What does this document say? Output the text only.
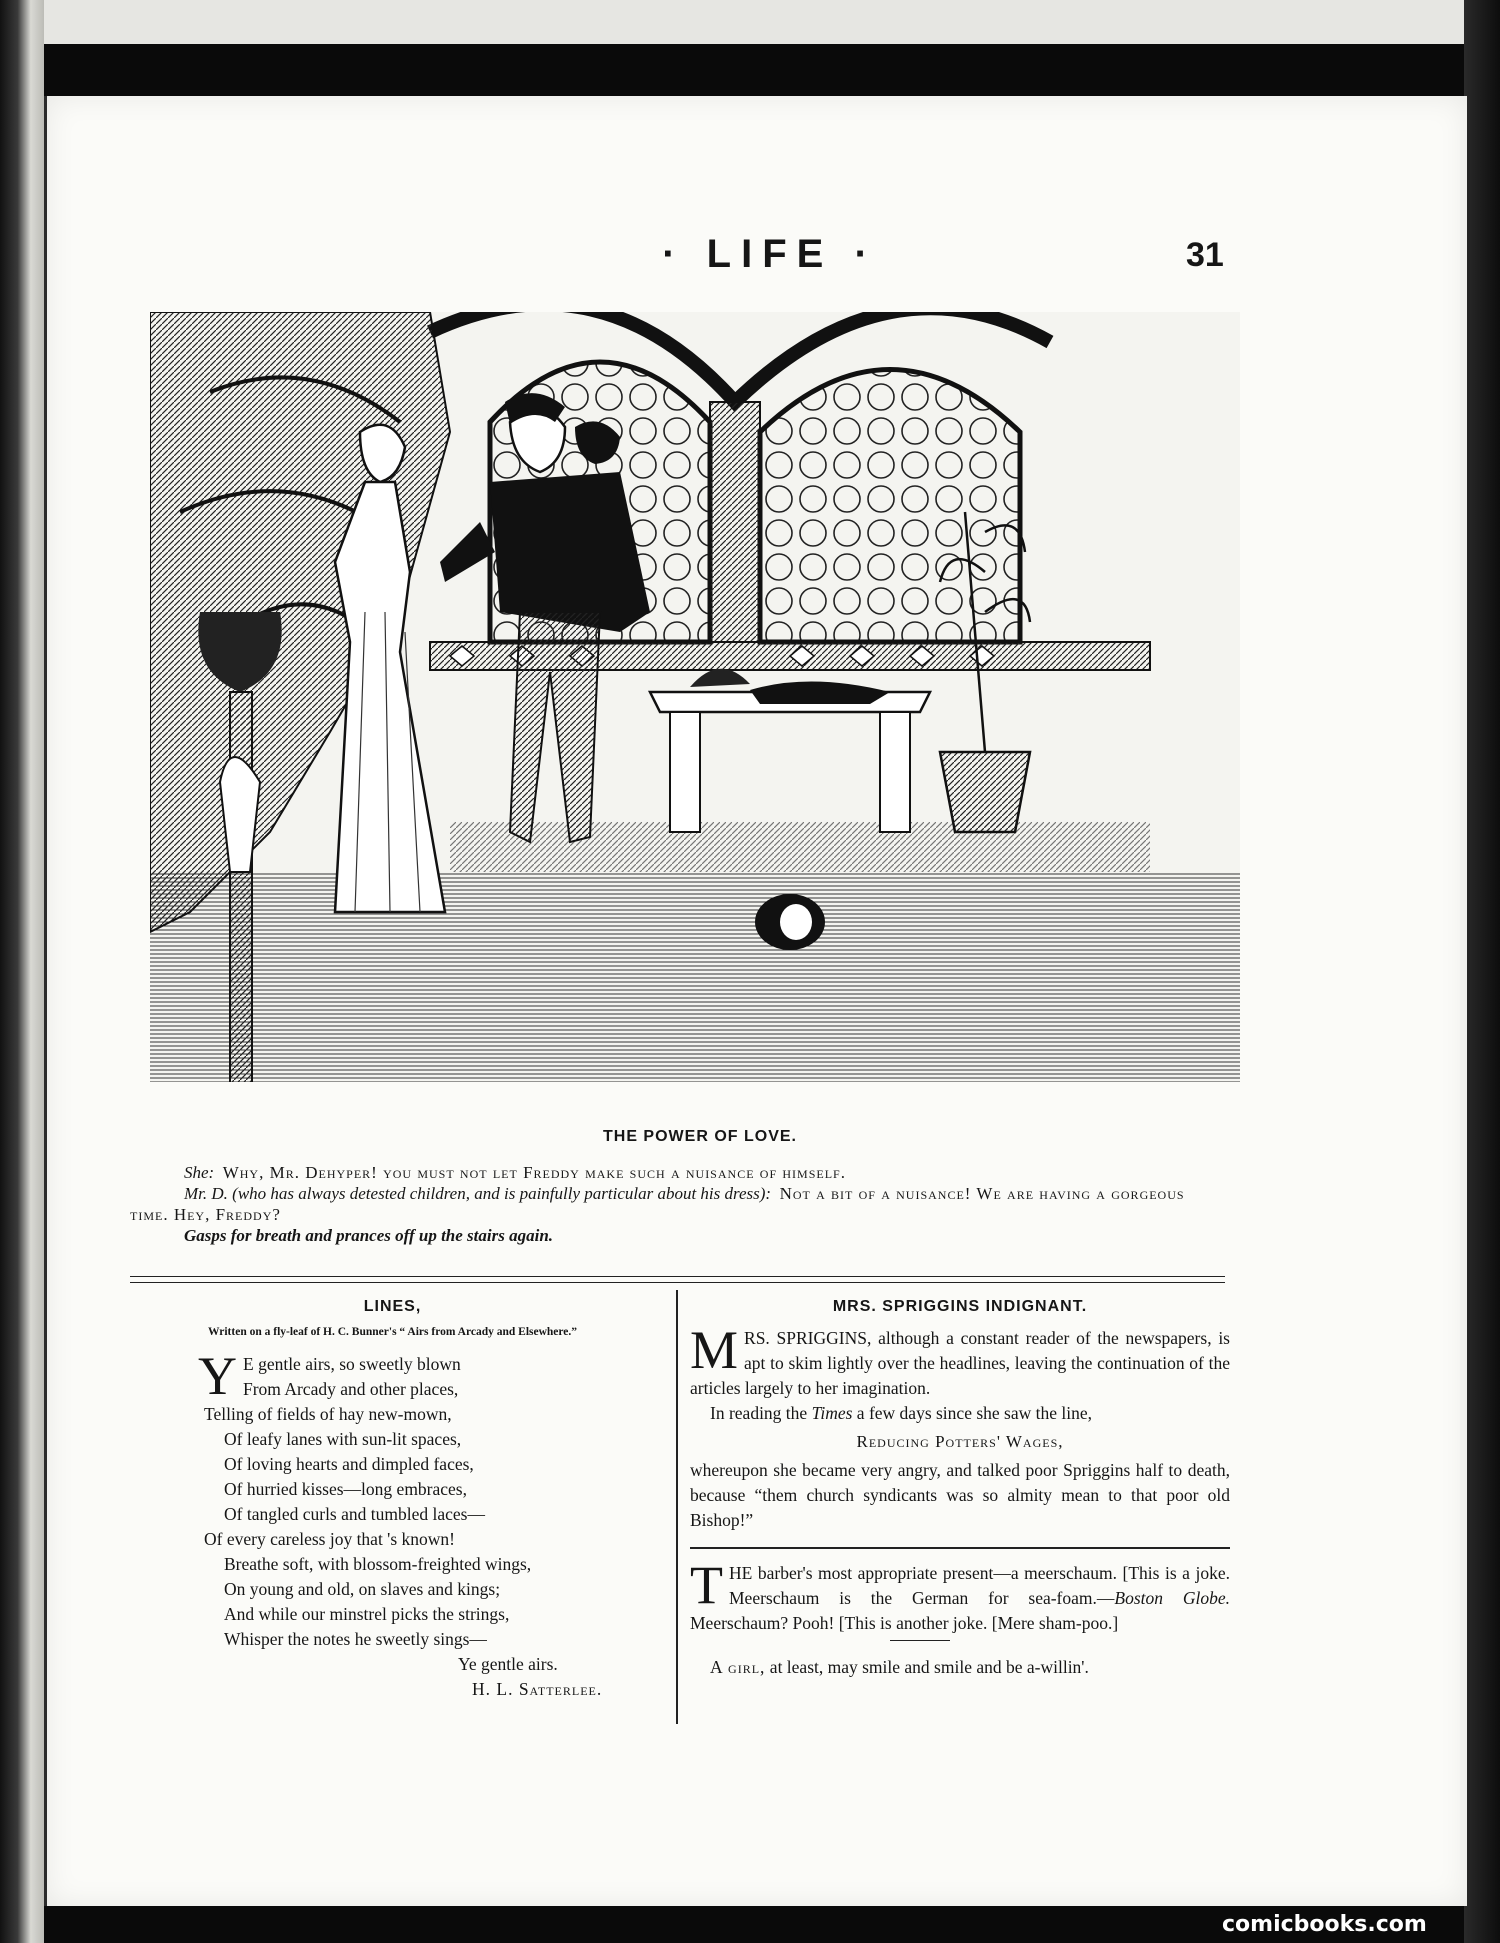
· LIFE ·	31
THE POWER OF LOVE.

She: Why, Mr. Dehyper! you must not let Freddy make such a nuisance of himself.

Mr. D. (who has always detested children, and is painfully particular about his dress): Not a bit of a nuisance! We are having a gorgeous time. Hey, Freddy?

Gasps for breath and prances off up the stairs again.

LINES,

Written on a fly-leaf of H. C. Bunner's “ Airs from Arcady and Elsewhere.”

Y E gentle airs, so sweetly blown
From Arcady and other places,
Telling of fields of hay new-mown,
Of leafy lanes with sun-lit spaces,
Of loving hearts and dimpled faces,
Of hurried kisses—long embraces,
Of tangled curls and tumbled laces—
Of every careless joy that 's known!
Breathe soft, with blossom-freighted wings,
On young and old, on slaves and kings;
And while our minstrel picks the strings,
Whisper the notes he sweetly sings—
Ye gentle airs.
H. L. Satterlee.
MRS. SPRIGGINS INDIGNANT.

MRS. SPRIGGINS, although a constant reader of the newspapers, is apt to skim lightly over the headlines, leaving the continuation of the articles largely to her imagination.

In reading the Times a few days since she saw the line,

Reducing Potters' Wages,

whereupon she became very angry, and talked poor Spriggins half to death, because “them church syndicants was so almity mean to that poor old Bishop!”

THE barber's most appropriate present—a meerschaum. [This is a joke. Meerschaum is the German for sea-foam.—Boston Globe. Meerschaum? Pooh! [This is another joke. [Mere sham-poo.]

A girl, at least, may smile and smile and be a-willin'.

comicbooks.com
